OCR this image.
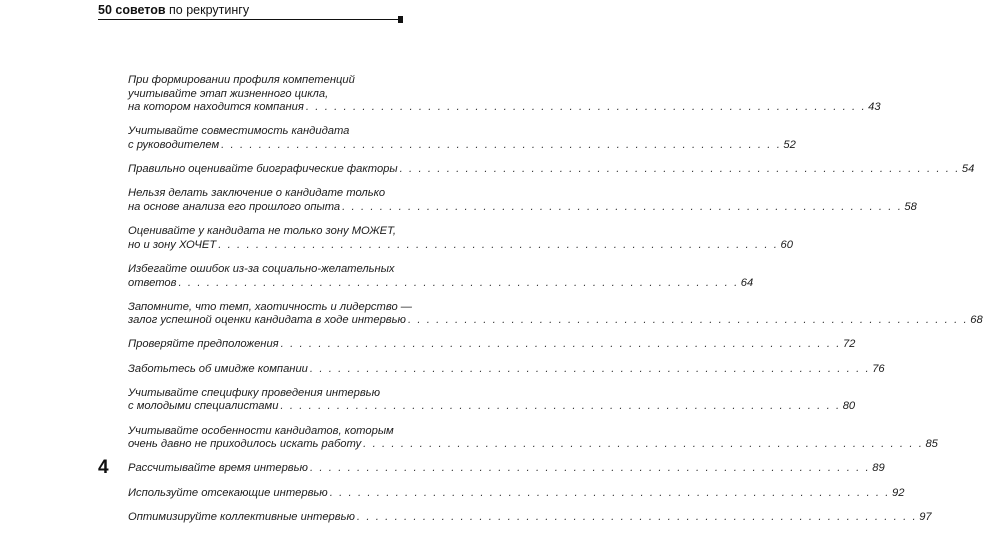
50 советов по рекрутингу
При формировании профиля компетенций
учитывайте этап жизненного цикла,
на котором находится компания . . . . . . . . . . . . . . . . . . . . . . . . . . . . . . . . . . . . . . . . . . . . . . . . . . . . . . . . . . . . 43
Учитывайте совместимость кандидата
с руководителем . . . . . . . . . . . . . . . . . . . . . . . . . . . . . . . . . . . . . . . . . . . . . . . . . . . . . . . . . . . . 52
Правильно оценивайте биографические факторы . . . . . . . . . . . . . . . . . . . . . . . . . . . . . . . . . . . . . . . . . . . . . . . . . . . . . . . . . . . . 54
Нельзя делать заключение о кандидате только
на основе анализа его прошлого опыта . . . . . . . . . . . . . . . . . . . . . . . . . . . . . . . . . . . . . . . . . . . . . . . . . . . . . . . . . . . . 58
Оценивайте у кандидата не только зону МОЖЕТ,
но и зону ХОЧЕТ . . . . . . . . . . . . . . . . . . . . . . . . . . . . . . . . . . . . . . . . . . . . . . . . . . . . . . . . . . . . 60
Избегайте ошибок из-за социально-желательных
ответов . . . . . . . . . . . . . . . . . . . . . . . . . . . . . . . . . . . . . . . . . . . . . . . . . . . . . . . . . . . . 64
Запомните, что темп, хаотичность и лидерство —
залог успешной оценки кандидата в ходе интервью . . . . . . . . . . . . . . . . . . . . . . . . . . . . . . . . . . . . . . . . . . . . . . . . . . . . . . . . . . . . 68
Проверяйте предположения . . . . . . . . . . . . . . . . . . . . . . . . . . . . . . . . . . . . . . . . . . . . . . . . . . . . . . . . . . . . 72
Заботьтесь об имидже компании . . . . . . . . . . . . . . . . . . . . . . . . . . . . . . . . . . . . . . . . . . . . . . . . . . . . . . . . . . . . 76
Учитывайте специфику проведения интервью
с молодыми специалистами . . . . . . . . . . . . . . . . . . . . . . . . . . . . . . . . . . . . . . . . . . . . . . . . . . . . . . . . . . . . 80
Учитывайте особенности кандидатов, которым
очень давно не приходилось искать работу . . . . . . . . . . . . . . . . . . . . . . . . . . . . . . . . . . . . . . . . . . . . . . . . . . . . . . . . . . . . 85
Рассчитывайте время интервью . . . . . . . . . . . . . . . . . . . . . . . . . . . . . . . . . . . . . . . . . . . . . . . . . . . . . . . . . . . . 89
Используйте отсекающие интервью . . . . . . . . . . . . . . . . . . . . . . . . . . . . . . . . . . . . . . . . . . . . . . . . . . . . . . . . . . . . 92
Оптимизируйте коллективные интервью . . . . . . . . . . . . . . . . . . . . . . . . . . . . . . . . . . . . . . . . . . . . . . . . . . . . . . . . . . . . 97
4
